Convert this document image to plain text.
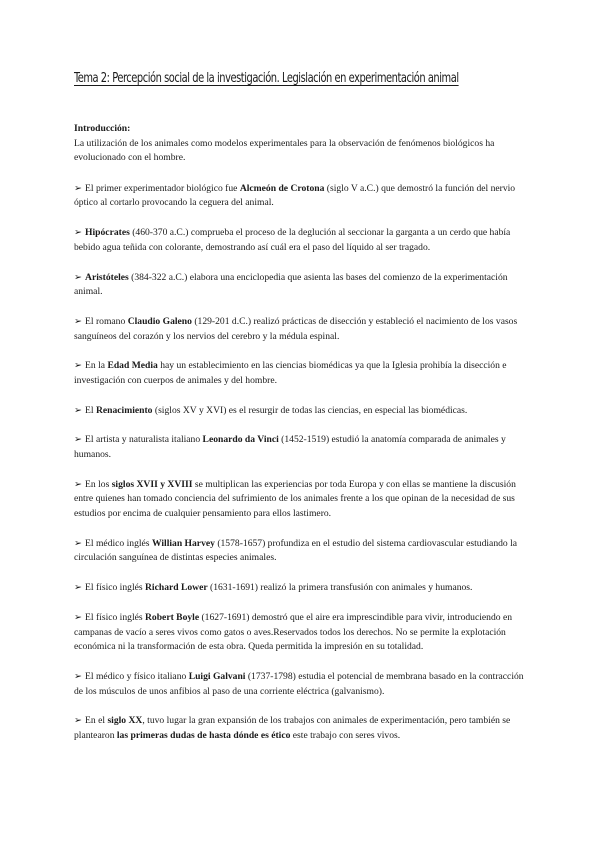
Tema 2: Percepción social de la investigación. Legislación en experimentación animal

Introducción:
La utilización de los animales como modelos experimentales para la observación de fenómenos biológicos ha evolucionado con el hombre.

➢ El primer experimentador biológico fue Alcmeón de Crotona (siglo V a.C.) que demostró la función del nervio óptico al cortarlo provocando la ceguera del animal.

➢ Hipócrates (460-370 a.C.) comprueba el proceso de la deglución al seccionar la garganta a un cerdo que había bebido agua teñida con colorante, demostrando así cuál era el paso del líquido al ser tragado.

➢ Aristóteles (384-322 a.C.) elabora una enciclopedia que asienta las bases del comienzo de la experimentación animal.

➢ El romano Claudio Galeno (129-201 d.C.) realizó prácticas de disección y estableció el nacimiento de los vasos sanguíneos del corazón y los nervios del cerebro y la médula espinal.

➢ En la Edad Media hay un establecimiento en las ciencias biomédicas ya que la Iglesia prohibía la disección e investigación con cuerpos de animales y del hombre.

➢ El Renacimiento (siglos XV y XVI) es el resurgir de todas las ciencias, en especial las biomédicas.

➢ El artista y naturalista italiano Leonardo da Vinci (1452-1519) estudió la anatomía comparada de animales y humanos.

➢ En los siglos XVII y XVIII se multiplican las experiencias por toda Europa y con ellas se mantiene la discusión entre quienes han tomado conciencia del sufrimiento de los animales frente a los que opinan de la necesidad de sus estudios por encima de cualquier pensamiento para ellos lastimero.

➢ El médico inglés Willian Harvey (1578-1657) profundiza en el estudio del sistema cardiovascular estudiando la circulación sanguínea de distintas especies animales.

➢ El físico inglés Richard Lower (1631-1691) realizó la primera transfusión con animales y humanos.

➢ El físico inglés Robert Boyle (1627-1691) demostró que el aire era imprescindible para vivir, introduciendo en campanas de vacío a seres vivos como gatos o aves.Reservados todos los derechos. No se permite la explotación económica ni la transformación de esta obra. Queda permitida la impresión en su totalidad.

➢ El médico y físico italiano Luigi Galvani (1737-1798) estudia el potencial de membrana basado en la contracción de los músculos de unos anfibios al paso de una corriente eléctrica (galvanismo).

➢ En el siglo XX, tuvo lugar la gran expansión de los trabajos con animales de experimentación, pero también se plantearon las primeras dudas de hasta dónde es ético este trabajo con seres vivos.
